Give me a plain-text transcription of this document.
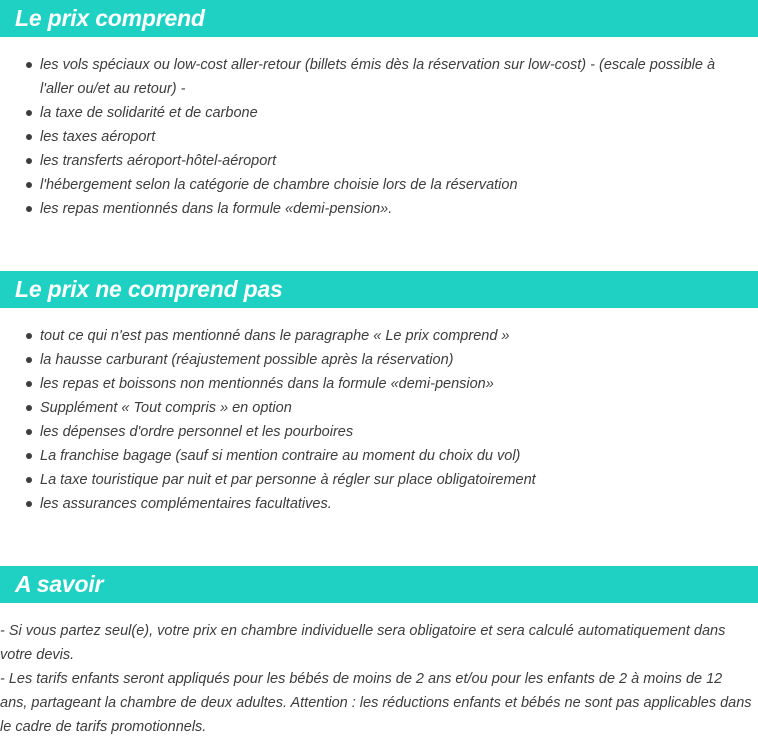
Le prix comprend
les vols spéciaux ou low-cost aller-retour (billets émis dès la réservation sur low-cost) - (escale possible à l'aller ou/et au retour) -
la taxe de solidarité et de carbone
les taxes aéroport
les transferts aéroport-hôtel-aéroport
l'hébergement selon la catégorie de chambre choisie lors de la réservation
les repas mentionnés dans la formule «demi-pension».
Le prix ne comprend pas
tout ce qui n'est pas mentionné dans le paragraphe « Le prix comprend »
la hausse carburant (réajustement possible après la réservation)
les repas et boissons non mentionnés dans la formule «demi-pension»
Supplément « Tout compris » en option
les dépenses d'ordre personnel et les pourboires
La franchise bagage (sauf si mention contraire au moment du choix du vol)
La taxe touristique par nuit et par personne à régler sur place obligatoirement
les assurances complémentaires facultatives.
A savoir

- Si vous partez seul(e), votre prix en chambre individuelle sera obligatoire et sera calculé automatiquement dans votre devis.

- Les tarifs enfants seront appliqués pour les bébés de moins de 2 ans et/ou pour les enfants de 2 à moins de 12 ans, partageant la chambre de deux adultes. Attention : les réductions enfants et bébés ne sont pas applicables dans le cadre de tarifs promotionnels.
